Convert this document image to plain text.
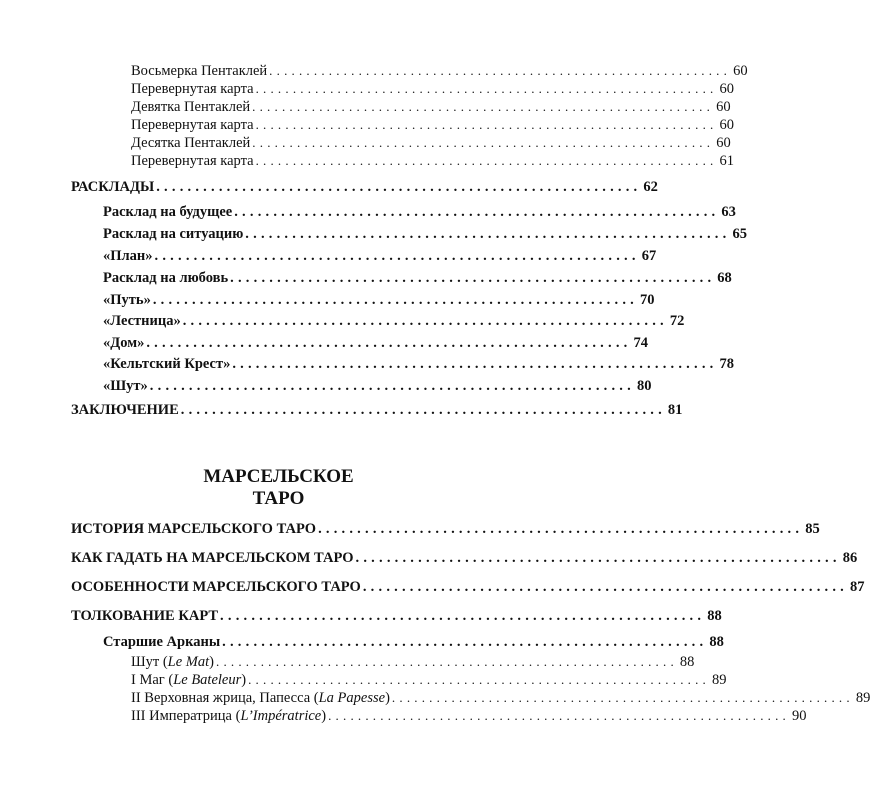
Восьмерка Пентаклей .............................................................. 60
Перевернутая карта .............................................................. 60
Девятка Пентаклей .............................................................. 60
Перевернутая карта .............................................................. 60
Десятка Пентаклей .............................................................. 60
Перевернутая карта .............................................................. 61
РАСКЛАДЫ .............................................................. 62
Расклад на будущее .............................................................. 63
Расклад на ситуацию .............................................................. 65
«План» .............................................................. 67
Расклад на любовь .............................................................. 68
«Путь» .............................................................. 70
«Лестница» .............................................................. 72
«Дом» .............................................................. 74
«Кельтский Крест» .............................................................. 78
«Шут» .............................................................. 80
ЗАКЛЮЧЕНИЕ .............................................................. 81
МАРСЕЛЬСКОЕ
ТАРО
ИСТОРИЯ МАРСЕЛЬСКОГО ТАРО .............................................................. 85
КАК ГАДАТЬ НА МАРСЕЛЬСКОМ ТАРО .............................................................. 86
ОСОБЕННОСТИ МАРСЕЛЬСКОГО ТАРО .............................................................. 87
ТОЛКОВАНИЕ КАРТ .............................................................. 88
Старшие Арканы .............................................................. 88
Шут (Le Mat) .............................................................. 88
I Маг (Le Bateleur) .............................................................. 89
II Верховная жрица, Папесса (La Papesse) .............................................................. 89
III Императрица (L’Impératrice) .............................................................. 90
